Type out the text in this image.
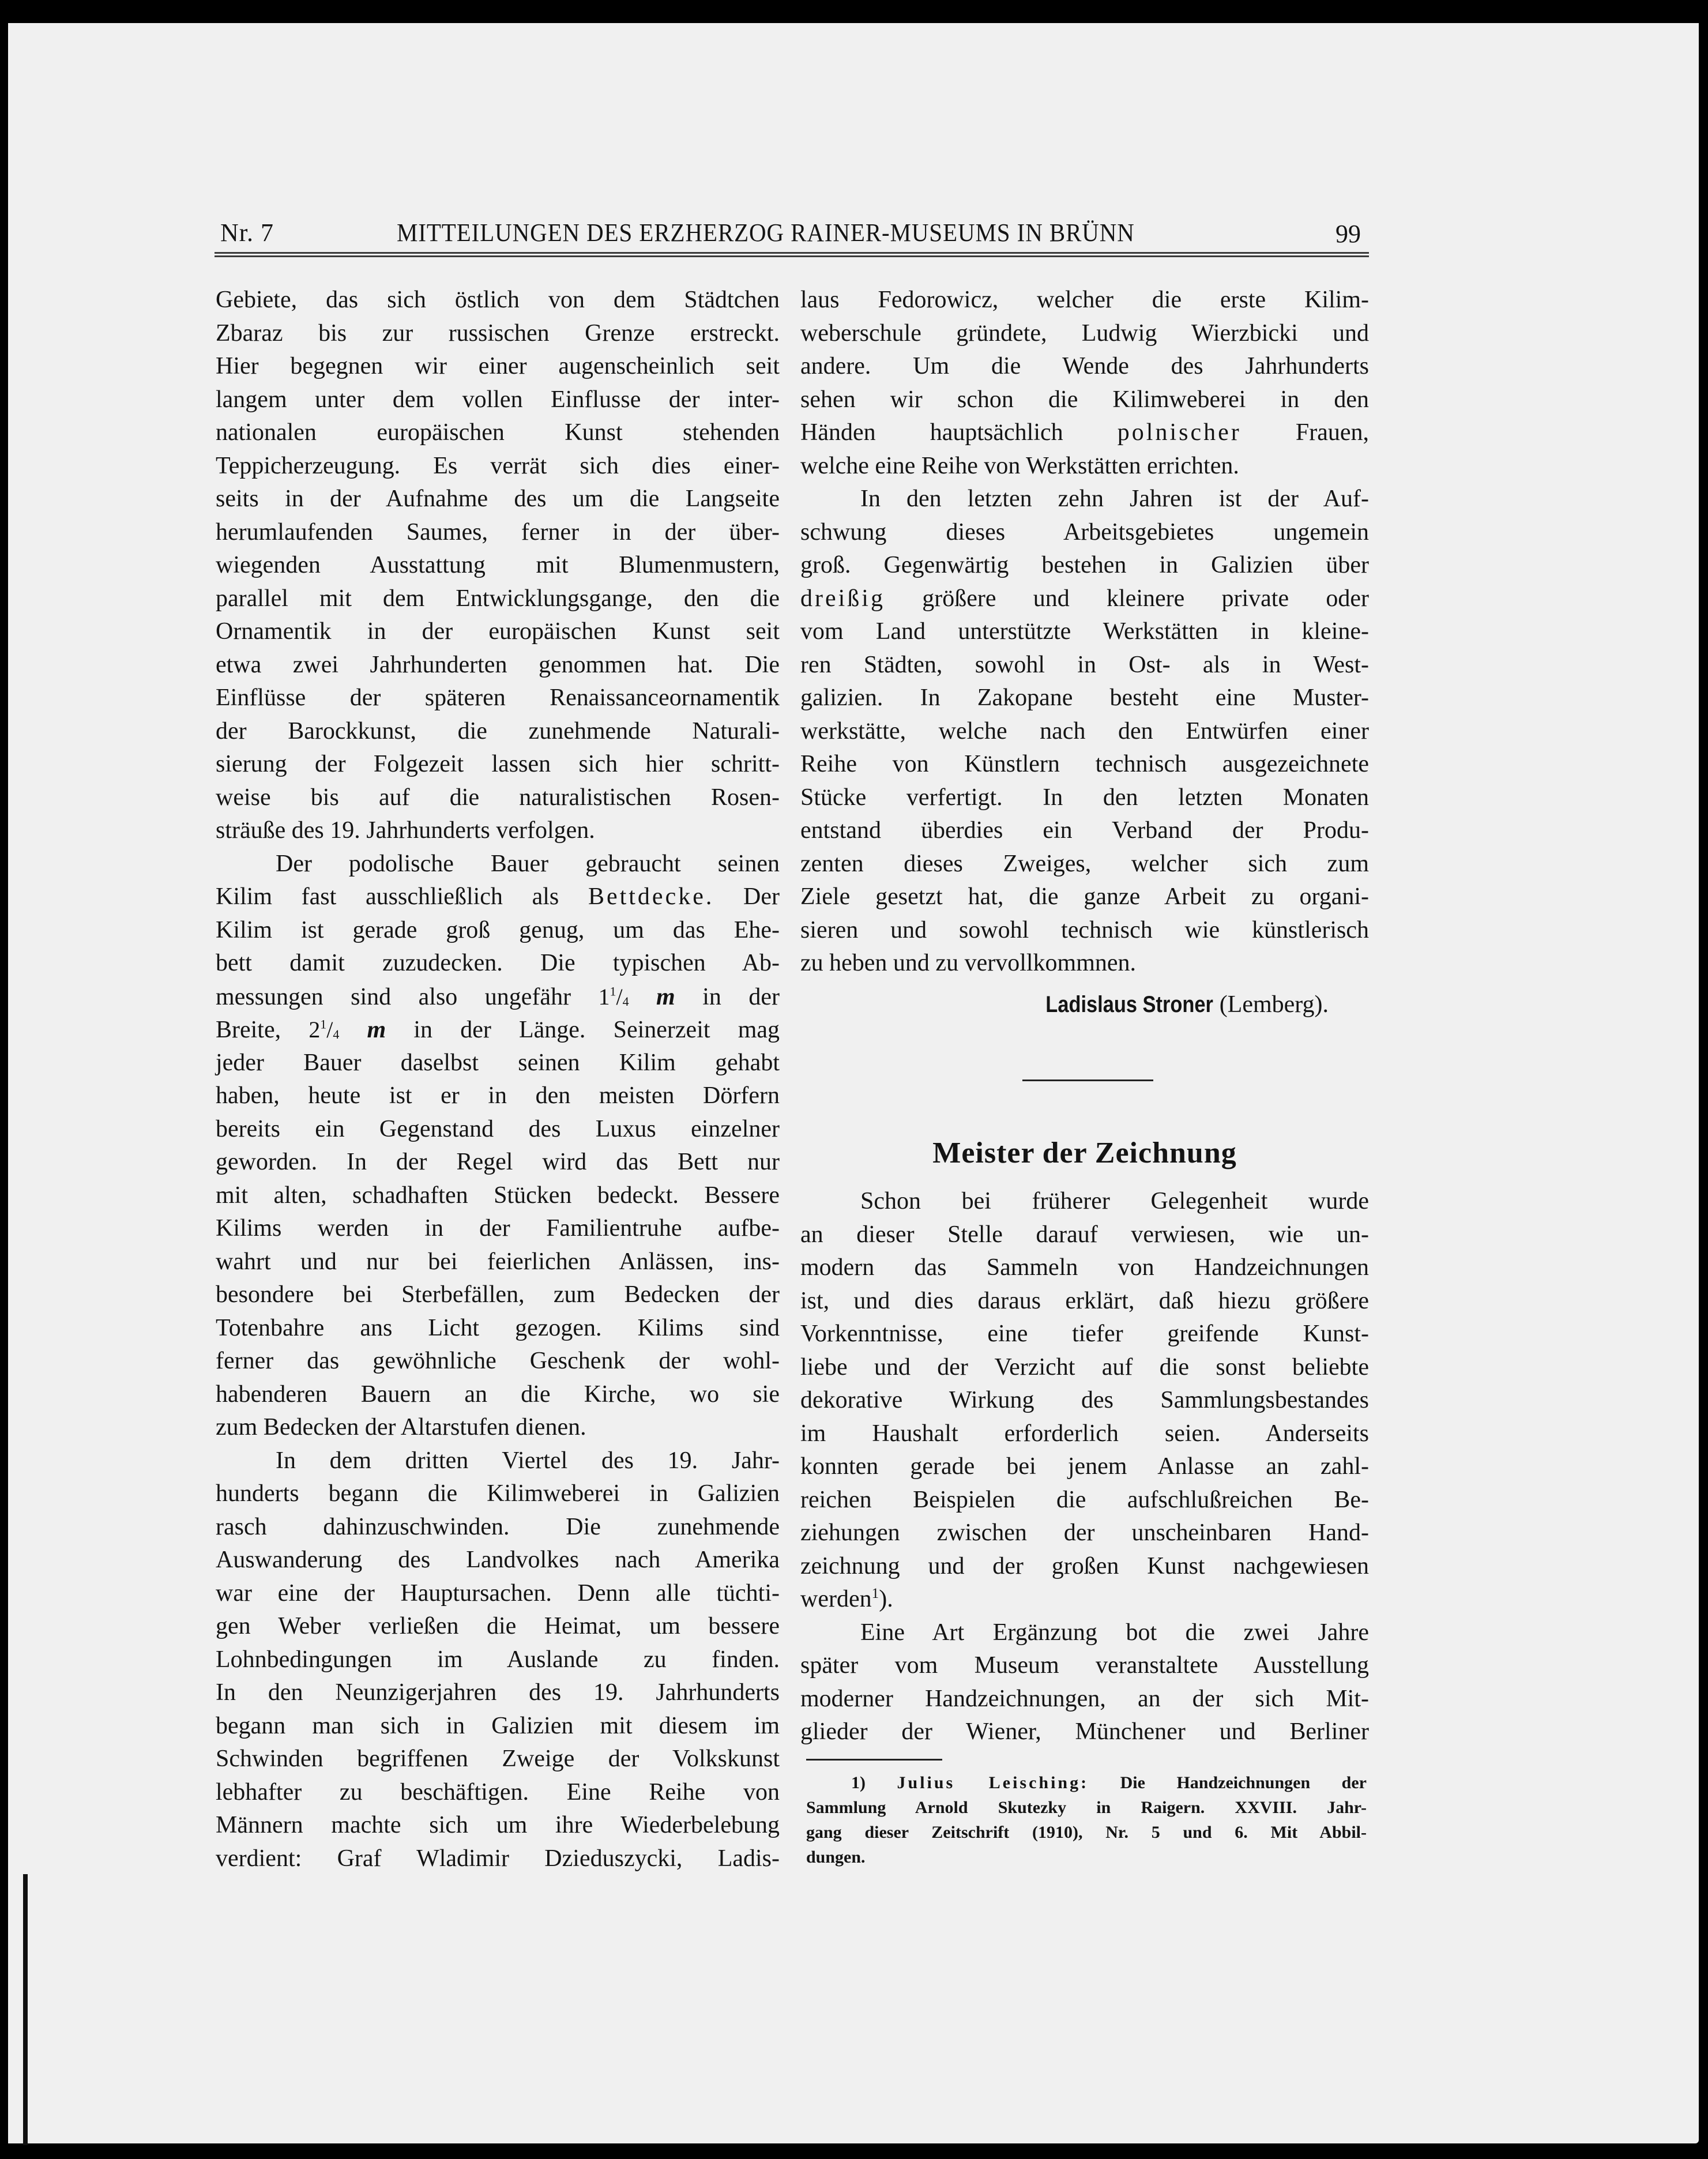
Nr. 7	MITTEILUNGEN DES ERZHERZOG RAINER-MUSEUMS IN BRÜNN	99
Gebiete, das sich östlich von dem Städtchen
Zbaraz bis zur russischen Grenze erstreckt.
Hier begegnen wir einer augenscheinlich seit
langem unter dem vollen Einflusse der inter-
nationalen europäischen Kunst stehenden
Teppicherzeugung. Es verrät sich dies einer-
seits in der Aufnahme des um die Langseite
herumlaufenden Saumes, ferner in der über-
wiegenden Ausstattung mit Blumenmustern,
parallel mit dem Entwicklungsgange, den die
Ornamentik in der europäischen Kunst seit
etwa zwei Jahrhunderten genommen hat. Die
Einflüsse der späteren Renaissanceornamentik
der Barockkunst, die zunehmende Naturali-
sierung der Folgezeit lassen sich hier schritt-
weise bis auf die naturalistischen Rosen-
sträuße des 19. Jahrhunderts verfolgen.
Der podolische Bauer gebraucht seinen
Kilim fast ausschließlich als Bettdecke. Der
Kilim ist gerade groß genug, um das Ehe-
bett damit zuzudecken. Die typischen Ab-
messungen sind also ungefähr $1^1/_4$ m in der
Breite, $2^1/_4$ m in der Länge. Seinerzeit mag
jeder Bauer daselbst seinen Kilim gehabt
haben, heute ist er in den meisten Dörfern
bereits ein Gegenstand des Luxus einzelner
geworden. In der Regel wird das Bett nur
mit alten, schadhaften Stücken bedeckt. Bessere
Kilims werden in der Familientruhe aufbe-
wahrt und nur bei feierlichen Anlässen, ins-
besondere bei Sterbefällen, zum Bedecken der
Totenbahre ans Licht gezogen. Kilims sind
ferner das gewöhnliche Geschenk der wohl-
habenderen Bauern an die Kirche, wo sie
zum Bedecken der Altarstufen dienen.
In dem dritten Viertel des 19. Jahr-
hunderts begann die Kilimweberei in Galizien
rasch dahinzuschwinden. Die zunehmende
Auswanderung des Landvolkes nach Amerika
war eine der Hauptursachen. Denn alle tüchti-
gen Weber verließen die Heimat, um bessere
Lohnbedingungen im Auslande zu finden.
In den Neunzigerjahren des 19. Jahrhunderts
begann man sich in Galizien mit diesem im
Schwinden begriffenen Zweige der Volkskunst
lebhafter zu beschäftigen. Eine Reihe von
Männern machte sich um ihre Wiederbelebung
verdient: Graf Wladimir Dzieduszycki, Ladis-
laus Fedorowicz, welcher die erste Kilim-
weberschule gründete, Ludwig Wierzbicki und
andere. Um die Wende des Jahrhunderts
sehen wir schon die Kilimweberei in den
Händen hauptsächlich polnischer Frauen,
welche eine Reihe von Werkstätten errichten.
In den letzten zehn Jahren ist der Auf-
schwung dieses Arbeitsgebietes ungemein
groß. Gegenwärtig bestehen in Galizien über
dreißig größere und kleinere private oder
vom Land unterstützte Werkstätten in kleine-
ren Städten, sowohl in Ost- als in West-
galizien. In Zakopane besteht eine Muster-
werkstätte, welche nach den Entwürfen einer
Reihe von Künstlern technisch ausgezeichnete
Stücke verfertigt. In den letzten Monaten
entstand überdies ein Verband der Produ-
zenten dieses Zweiges, welcher sich zum
Ziele gesetzt hat, die ganze Arbeit zu organi-
sieren und sowohl technisch wie künstlerisch
zu heben und zu vervollkommnen.
Ladislaus Stroner (Lemberg).
Meister der Zeichnung
Schon bei früherer Gelegenheit wurde
an dieser Stelle darauf verwiesen, wie un-
modern das Sammeln von Handzeichnungen
ist, und dies daraus erklärt, daß hiezu größere
Vorkenntnisse, eine tiefer greifende Kunst-
liebe und der Verzicht auf die sonst beliebte
dekorative Wirkung des Sammlungsbestandes
im Haushalt erforderlich seien. Anderseits
konnten gerade bei jenem Anlasse an zahl-
reichen Beispielen die aufschlußreichen Be-
ziehungen zwischen der unscheinbaren Hand-
zeichnung und der großen Kunst nachgewiesen
werden$^1$).
Eine Art Ergänzung bot die zwei Jahre
später vom Museum veranstaltete Ausstellung
moderner Handzeichnungen, an der sich Mit-
glieder der Wiener, Münchener und Berliner
1) Julius Leisching: Die Handzeichnungen der
Sammlung Arnold Skutezky in Raigern. XXVIII. Jahr-
gang dieser Zeitschrift (1910), Nr. 5 und 6. Mit Abbil-
dungen.
